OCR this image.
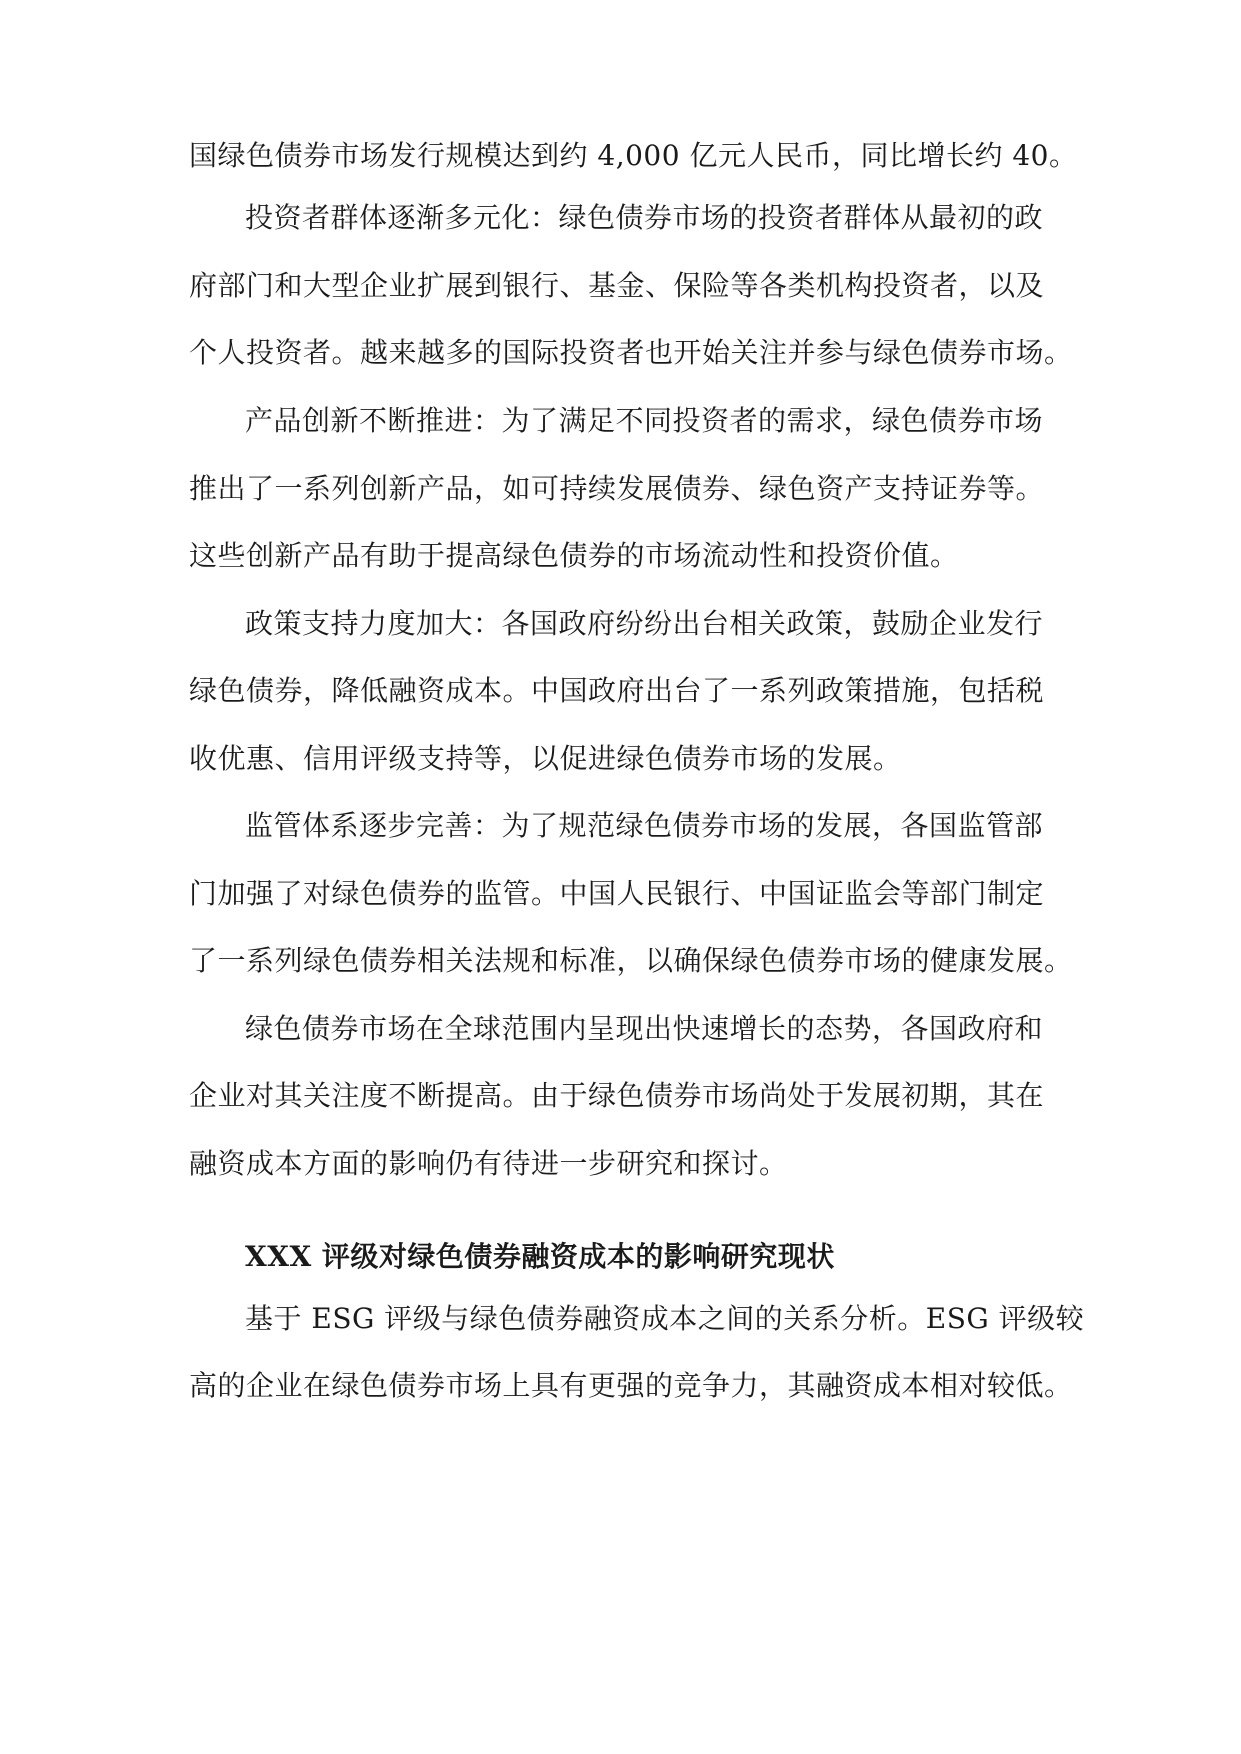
国绿色债券市场发行规模达到约 4,000 亿元人民币，同比增长约 40。
投资者群体逐渐多元化：绿色债券市场的投资者群体从最初的政
府部门和大型企业扩展到银行、基金、保险等各类机构投资者，以及
个人投资者。越来越多的国际投资者也开始关注并参与绿色债券市场。
产品创新不断推进：为了满足不同投资者的需求，绿色债券市场
推出了一系列创新产品，如可持续发展债券、绿色资产支持证券等。
这些创新产品有助于提高绿色债券的市场流动性和投资价值。
政策支持力度加大：各国政府纷纷出台相关政策，鼓励企业发行
绿色债券，降低融资成本。中国政府出台了一系列政策措施，包括税
收优惠、信用评级支持等，以促进绿色债券市场的发展。
监管体系逐步完善：为了规范绿色债券市场的发展，各国监管部
门加强了对绿色债券的监管。中国人民银行、中国证监会等部门制定
了一系列绿色债券相关法规和标准，以确保绿色债券市场的健康发展。
绿色债券市场在全球范围内呈现出快速增长的态势，各国政府和
企业对其关注度不断提高。由于绿色债券市场尚处于发展初期，其在
融资成本方面的影响仍有待进一步研究和探讨。
XXX 评级对绿色债券融资成本的影响研究现状
基于 ESG 评级与绿色债券融资成本之间的关系分析。ESG 评级较
高的企业在绿色债券市场上具有更强的竞争力，其融资成本相对较低。
